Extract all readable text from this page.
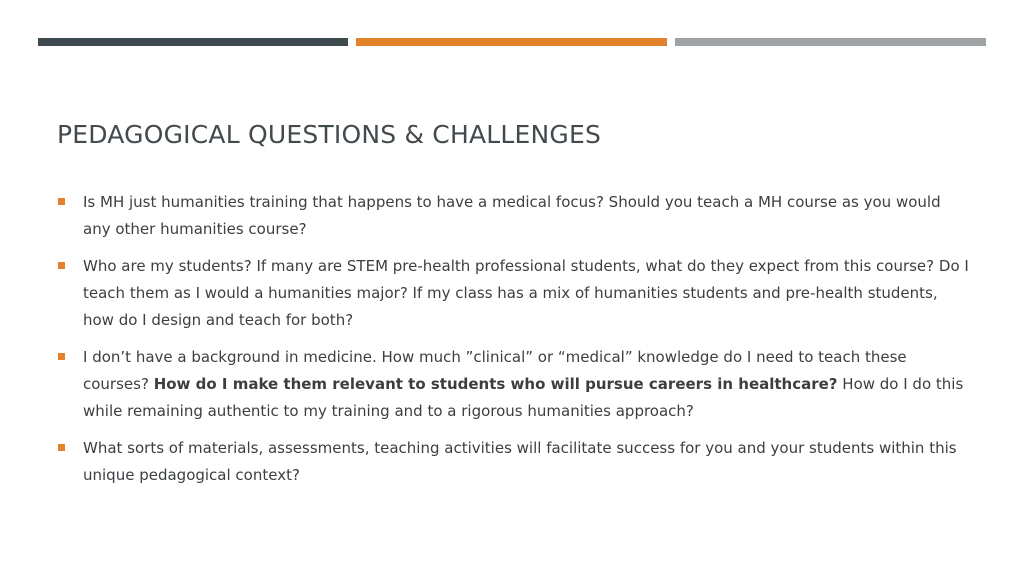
PEDAGOGICAL QUESTIONS & CHALLENGES
Is MH just humanities training that happens to have a medical focus? Should you teach a MH course as you would any other humanities course?
Who are my students? If many are STEM pre-health professional students, what do they expect from this course? Do I teach them as I would a humanities major? If my class has a mix of humanities students and pre-health students, how do I design and teach for both?
I don’t have a background in medicine. How much ”clinical” or “medical” knowledge do I need to teach these courses? How do I make them relevant to students who will pursue careers in healthcare? How do I do this while remaining authentic to my training and to a rigorous humanities approach?
What sorts of materials, assessments, teaching activities will facilitate success for you and your students within this unique pedagogical context?
